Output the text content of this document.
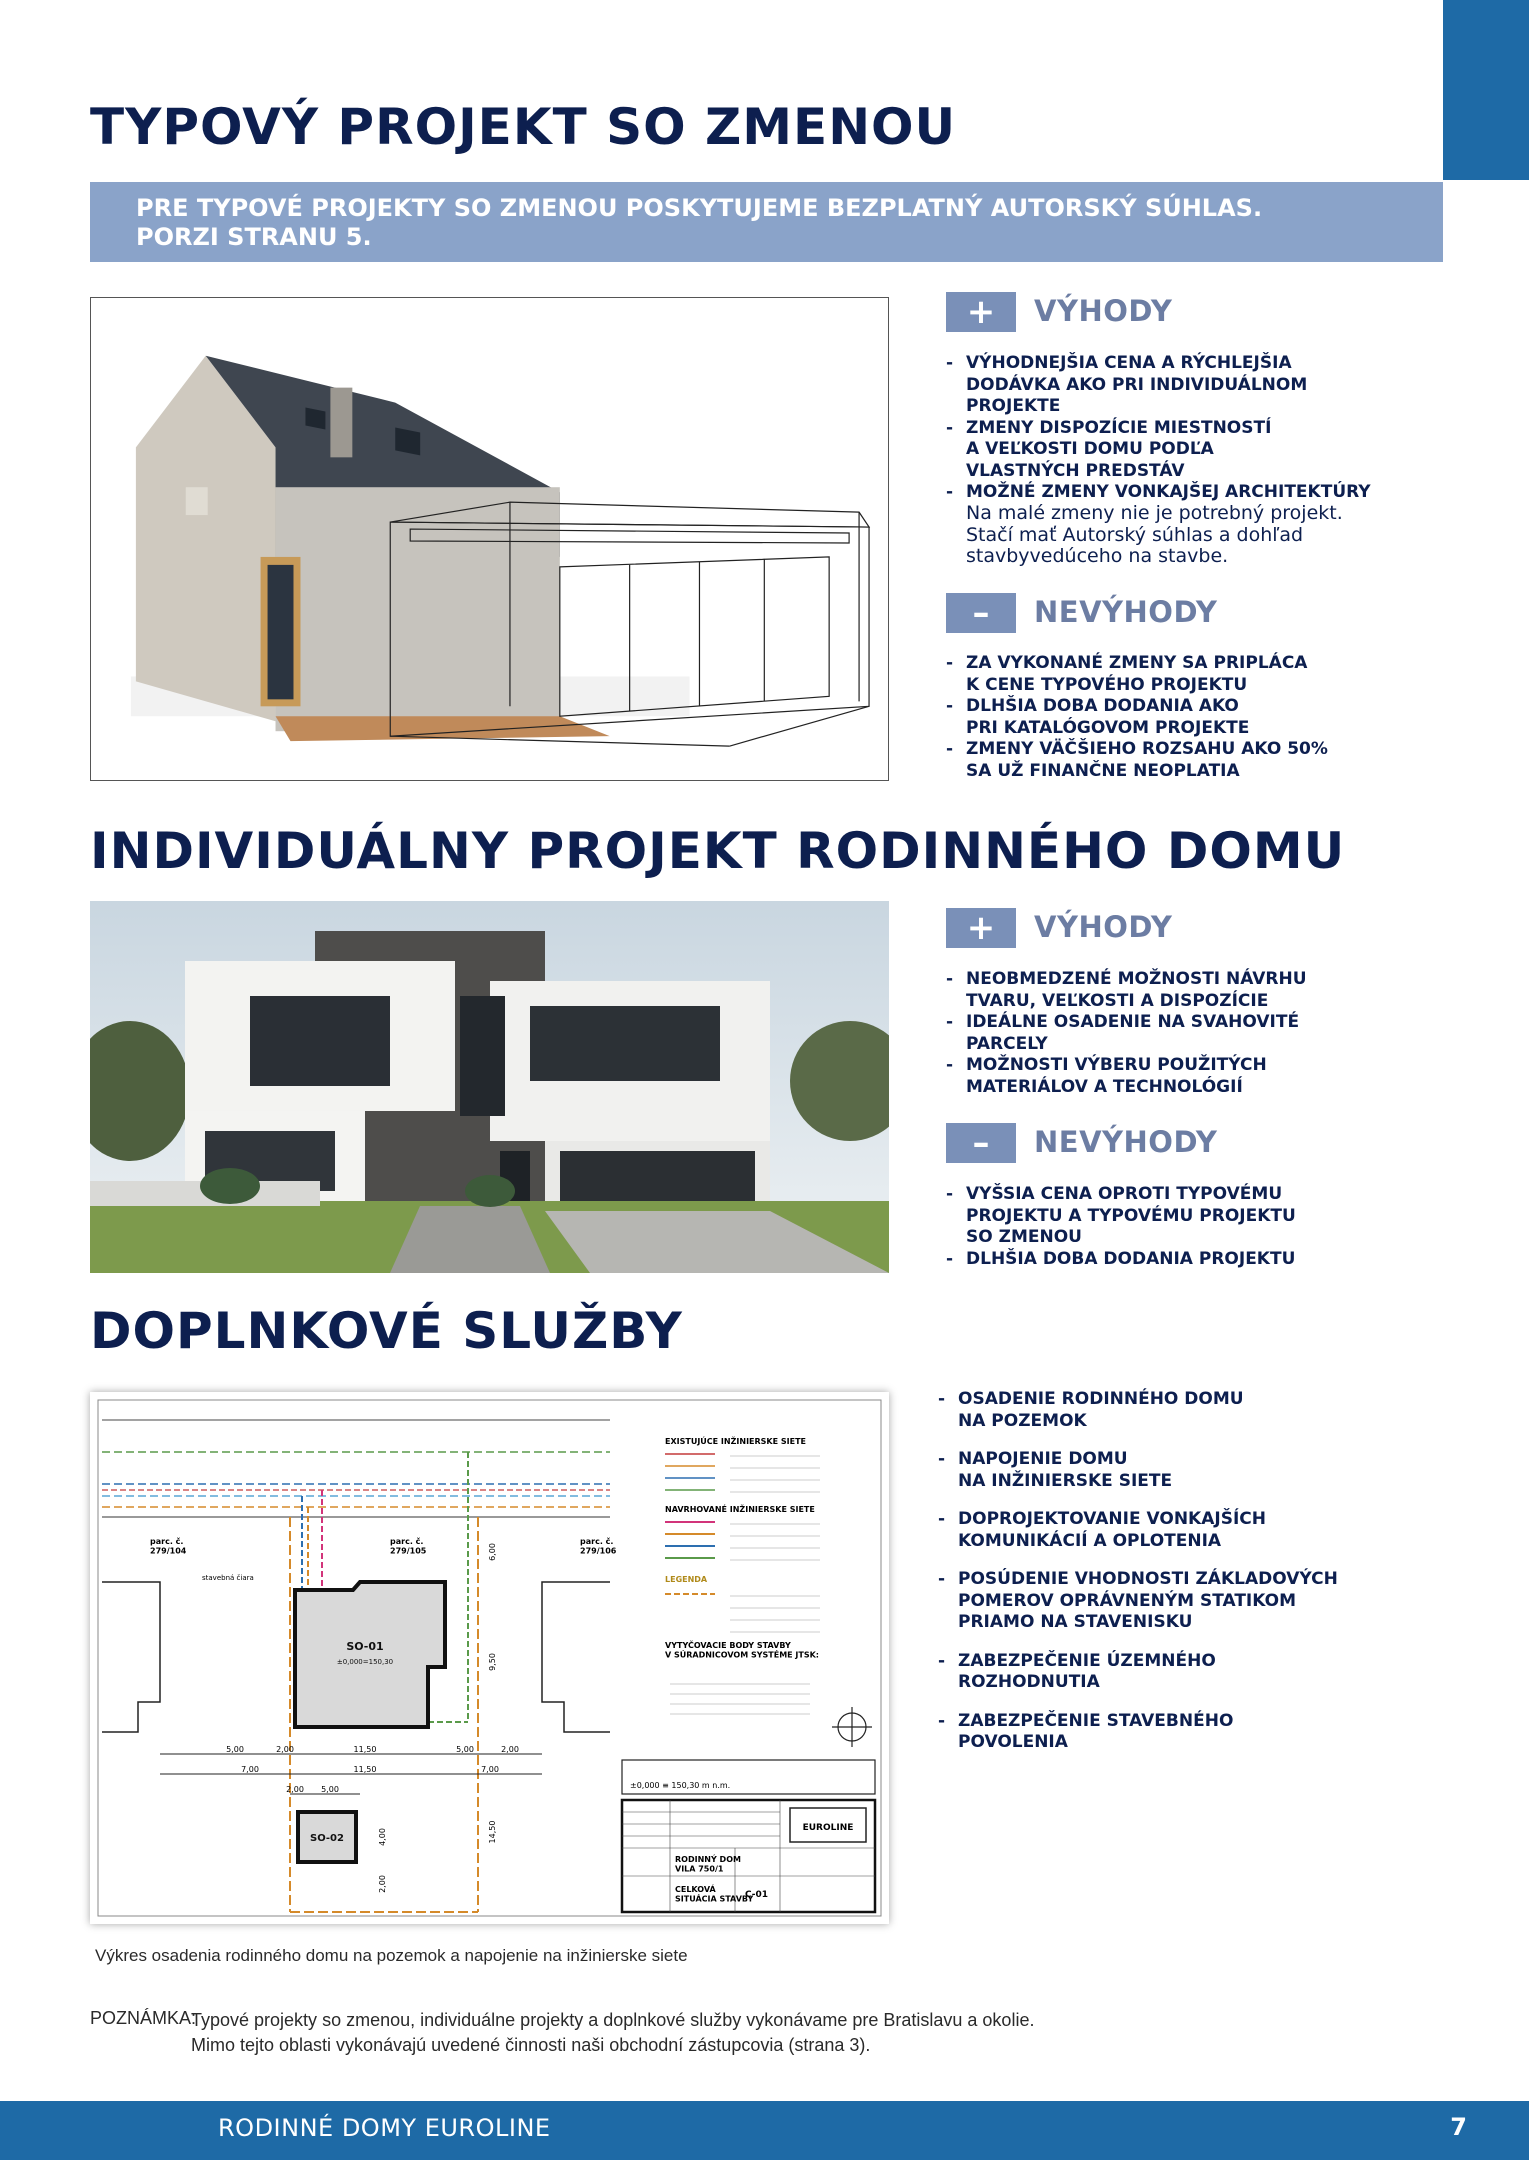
TYPOVÝ PROJEKT SO ZMENOU
PRE TYPOVÉ PROJEKTY SO ZMENOU POSKYTUJEME BEZPLATNÝ AUTORSKÝ SÚHLAS.
PORZI STRANU 5.
+	VÝHODY
- VÝHODNEJŠIA CENA A RÝCHLEJŠIA
DODÁVKA AKO PRI INDIVIDUÁLNOM
PROJEKTE
- ZMENY DISPOZÍCIE MIESTNOSTÍ
A VEĽKOSTI DOMU PODĽA
VLASTNÝCH PREDSTÁV
- MOŽNÉ ZMENY VONKAJŠEJ ARCHITEKTÚRY
Na malé zmeny nie je potrebný projekt.
Stačí mať Autorský súhlas a dohľad
stavbyvedúceho na stavbe.
–	NEVÝHODY
- ZA VYKONANÉ ZMENY SA PRIPLÁCA
K CENE TYPOVÉHO PROJEKTU
- DLHŠIA DOBA DODANIA AKO
PRI KATALÓGOVOM PROJEKTE
- ZMENY VÄČŠIEHO ROZSAHU AKO 50%
SA UŽ FINANČNE NEOPLATIA
INDIVIDUÁLNY PROJEKT RODINNÉHO DOMU
+	VÝHODY
- NEOBMEDZENÉ MOŽNOSTI NÁVRHU
TVARU, VEĽKOSTI A DISPOZÍCIE
- IDEÁLNE OSADENIE NA SVAHOVITÉ
PARCELY
- MOŽNOSTI VÝBERU POUŽITÝCH
MATERIÁLOV A TECHNOLÓGIÍ
–	NEVÝHODY
- VYŠSIA CENA OPROTI TYPOVÉMU
PROJEKTU A TYPOVÉMU PROJEKTU
SO ZMENOU
- DLHŠIA DOBA DODANIA PROJEKTU
DOPLNKOVÉ SLUŽBY
SO-01
±0,000=150,30
SO-02
5,00	2,00	11,50	5,00	2,00
7,00	11,50	7,00
2,00 5,00
14,50
9,50
6,00
4,00
2,00
parc. č. 279/104
parc. č. 279/105
parc. č. 279/106
stavebná čiara
EXISTUJÚCE INŽINIERSKE SIETE
NAVRHOVANÉ INŽINIERSKE SIETE
LEGENDA
VYTYČOVACIE BODY STAVBY V SÚRADNICOVOM SYSTÉME JTSK:
±0,000 ≡ 150,30 m n.m.
EUROLINE
RODINNÝ DOM VILA 750/1
CELKOVÁ SITUÁCIA STAVBY
C-01
- OSADENIE RODINNÉHO DOMU
NA POZEMOK
- NAPOJENIE DOMU
NA INŽINIERSKE SIETE
- DOPROJEKTOVANIE VONKAJŠÍCH
KOMUNIKÁCIÍ A OPLOTENIA
- POSÚDENIE VHODNOSTI ZÁKLADOVÝCH
POMEROV OPRÁVNENÝM STATIKOM
PRIAMO NA STAVENISKU
- ZABEZPEČENIE ÚZEMNÉHO
ROZHODNUTIA
- ZABEZPEČENIE STAVEBNÉHO
POVOLENIA
Výkres osadenia rodinného domu na pozemok a napojenie na inžinierske siete
POZNÁMKA:
Typové projekty so zmenou, individuálne projekty a doplnkové služby vykonávame pre Bratislavu a okolie.
Mimo tejto oblasti vykonávajú uvedené činnosti naši obchodní zástupcovia (strana 3).
RODINNÉ DOMY EUROLINE	7
